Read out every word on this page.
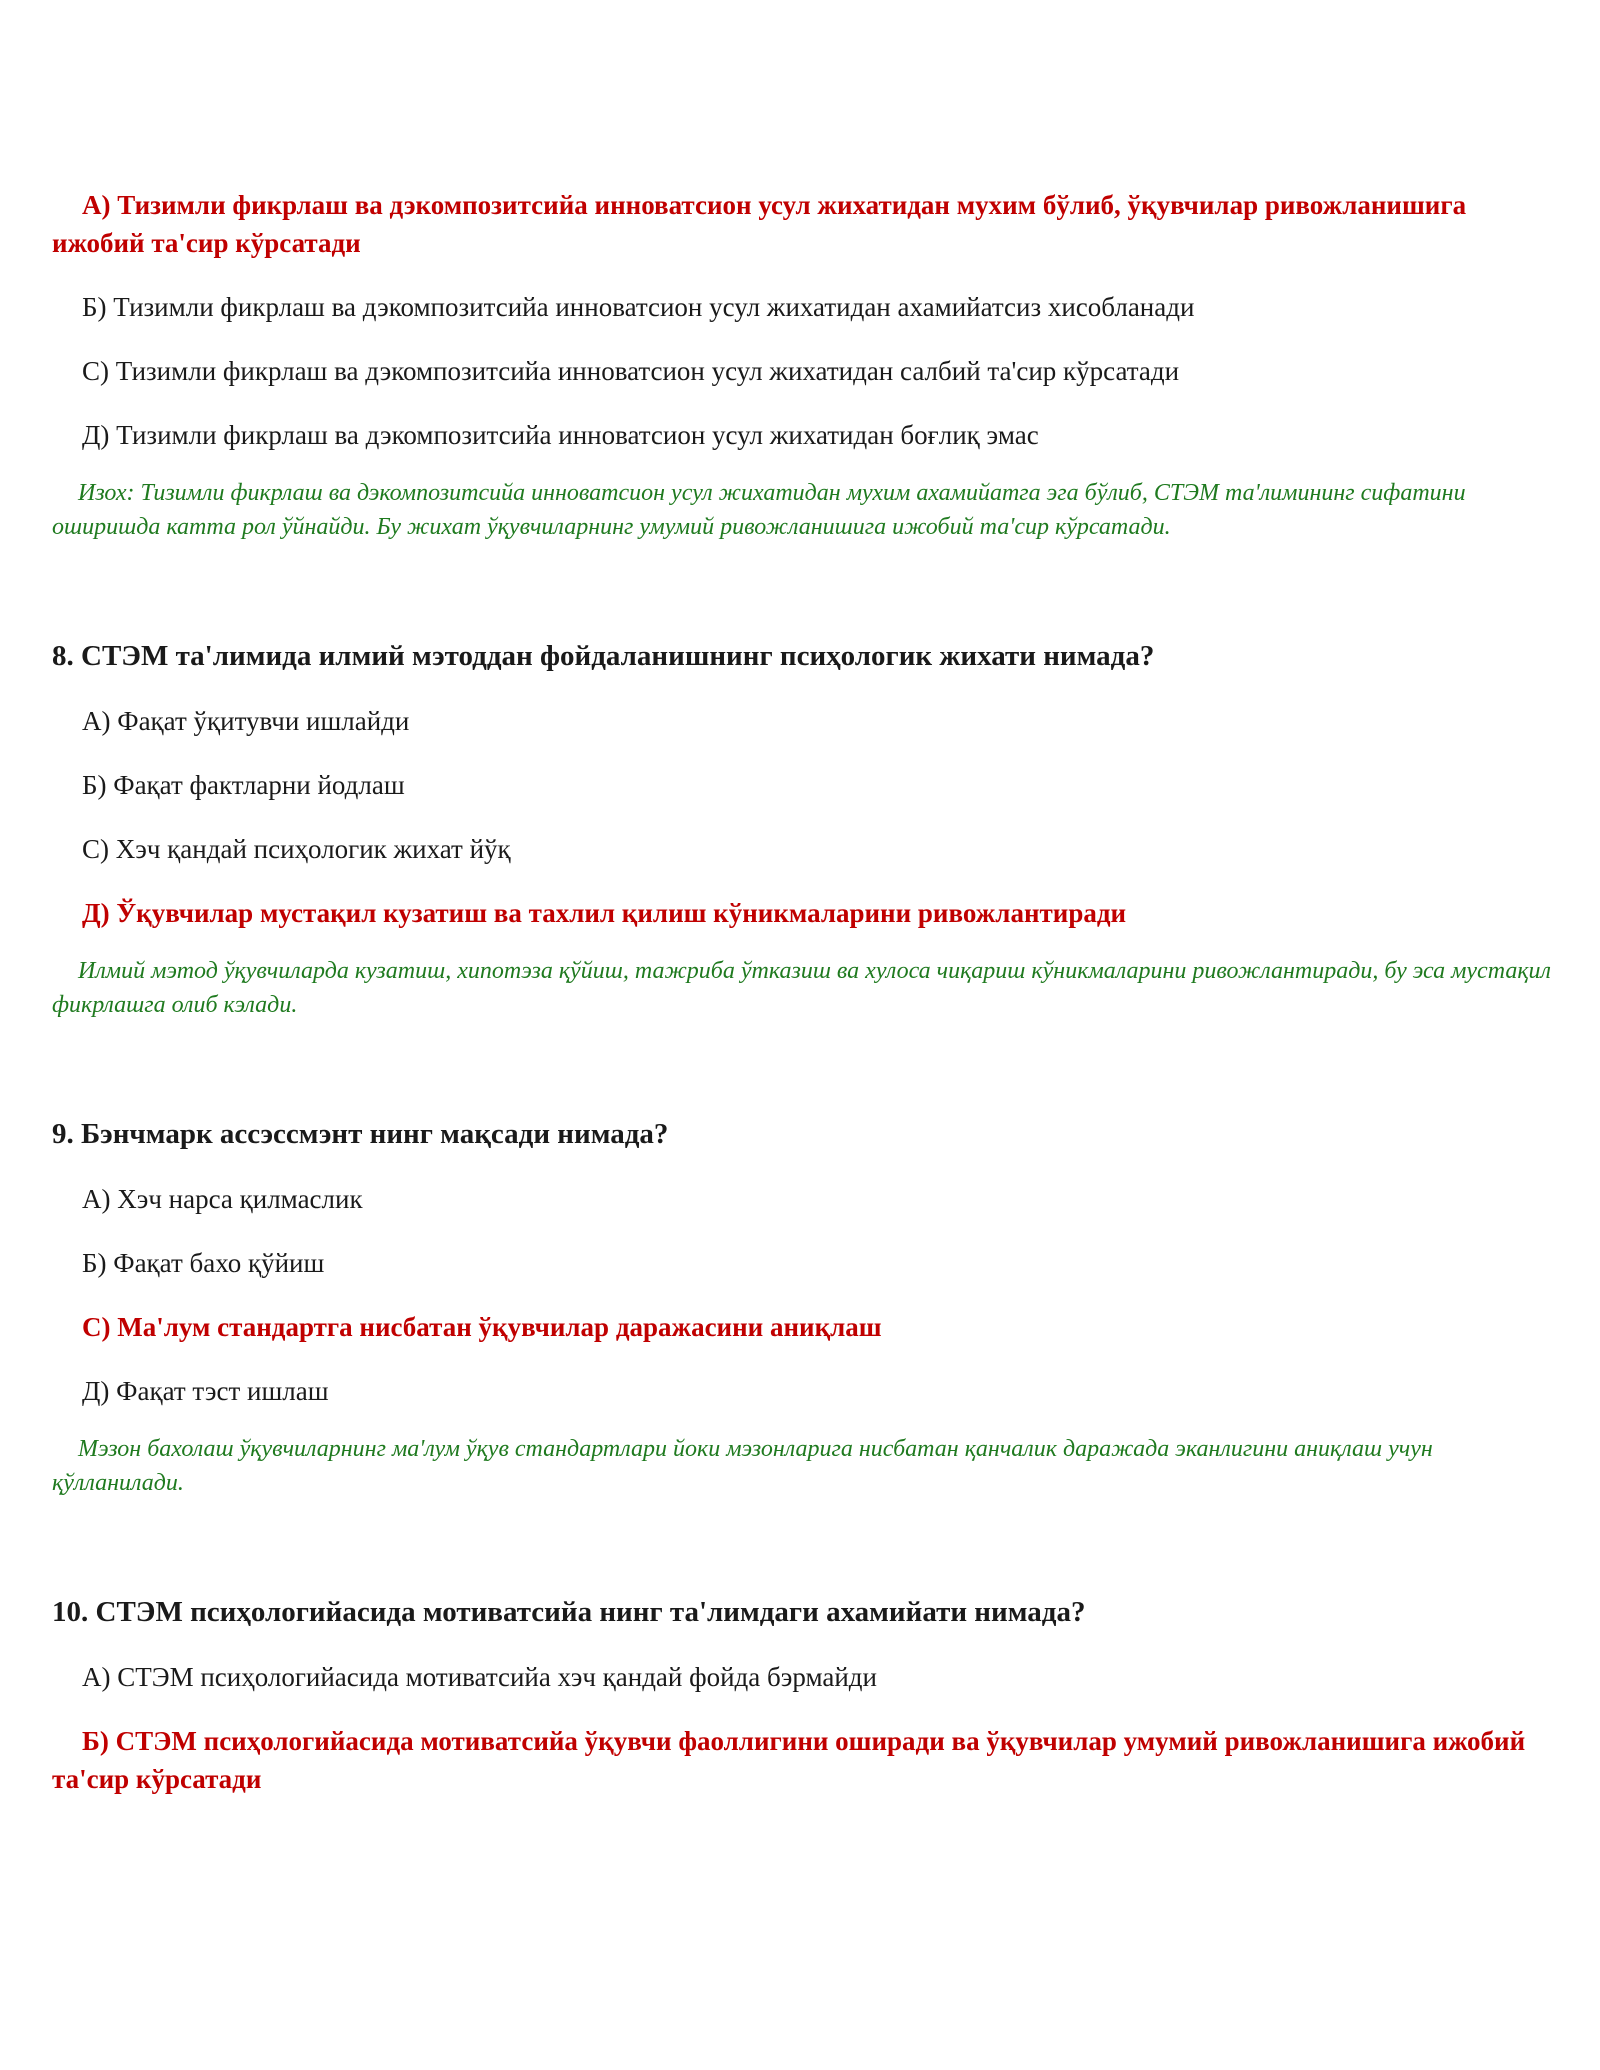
А) Тизимли фикрлаш ва дэкомпозитсийа инноватсион усул жихатидан мухим бўлиб, ўқувчилар ривожланишига ижобий та'сир кўрсатади

Б) Тизимли фикрлаш ва дэкомпозитсийа инноватсион усул жихатидан ахамийатсиз хисобланади

С) Тизимли фикрлаш ва дэкомпозитсийа инноватсион усул жихатидан салбий та'сир кўрсатади

Д) Тизимли фикрлаш ва дэкомпозитсийа инноватсион усул жихатидан боғлиқ эмас

Изох: Тизимли фикрлаш ва дэкомпозитсийа инноватсион усул жихатидан мухим ахамийатга эга бўлиб, СТЭМ та'лимининг сифатини оширишда катта рол ўйнайди. Бу жихат ўқувчиларнинг умумий ривожланишига ижобий та'сир кўрсатади.

8. СТЭМ та'лимида илмий мэтоддан фойдаланишнинг псиҳологик жихати нимада?

А) Фақат ўқитувчи ишлайди

Б) Фақат фактларни йодлаш

С) Хэч қандай псиҳологик жихат йўқ

Д) Ўқувчилар мустақил кузатиш ва тахлил қилиш кўникмаларини ривожлантиради

Илмий мэтод ўқувчиларда кузатиш, хипотэза қўйиш, тажриба ўтказиш ва хулоса чиқариш кўникмаларини ривожлантиради, бу эса мустақил фикрлашга олиб кэлади.

9. Бэнчмарк ассэссмэнт нинг мақсади нимада?

А) Хэч нарса қилмаслик

Б) Фақат бахо қўйиш

С) Ма'лум стандартга нисбатан ўқувчилар даражасини аниқлаш

Д) Фақат тэст ишлаш

Мэзон бахолаш ўқувчиларнинг ма'лум ўқув стандартлари йоки мэзонларига нисбатан қанчалик даражада эканлигини аниқлаш учун қўлланилади.

10. СТЭМ псиҳологийасида мотиватсийа нинг та'лимдаги ахамийати нимада?

А) СТЭМ псиҳологийасида мотиватсийа хэч қандай фойда бэрмайди

Б) СТЭМ псиҳологийасида мотиватсийа ўқувчи фаоллигини оширади ва ўқувчилар умумий ривожланишига ижобий та'сир кўрсатади
